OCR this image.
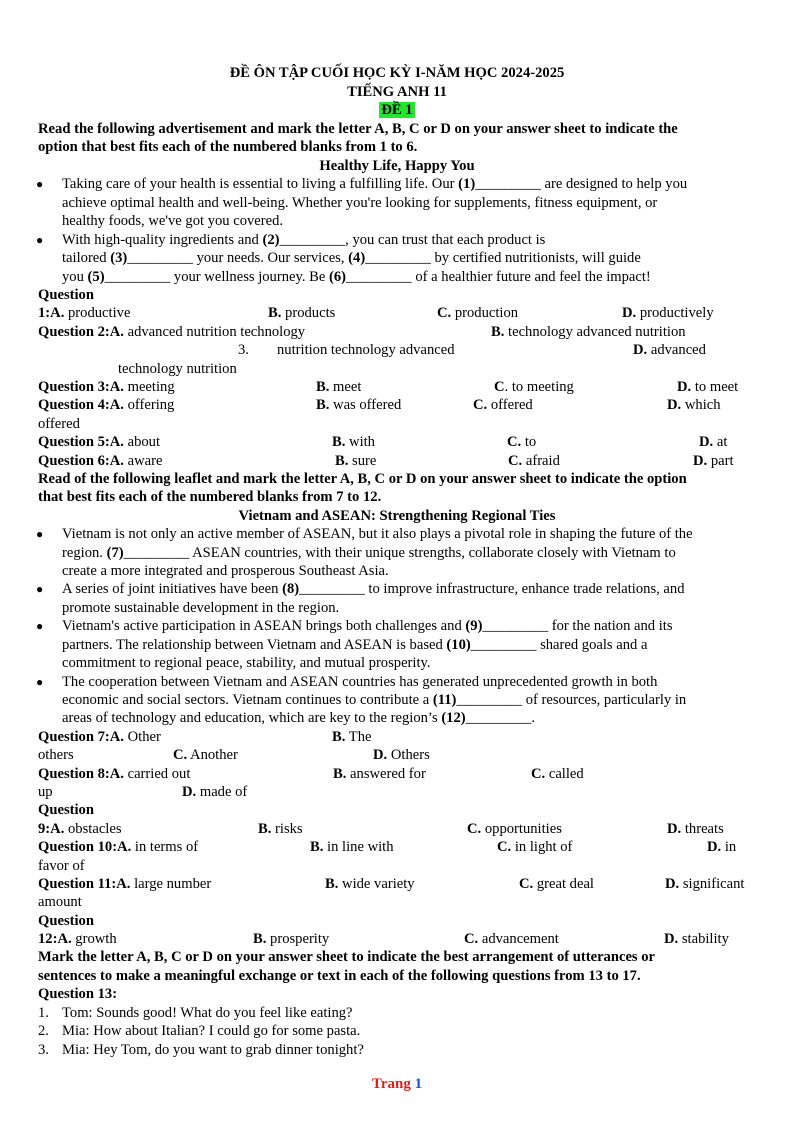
ĐỀ ÔN TẬP CUỐI HỌC KỲ I-NĂM HỌC 2024-2025
TIẾNG ANH 11
ĐỀ 1
Read the following advertisement and mark the letter A, B, C or D on your answer sheet to indicate the
option that best fits each of the numbered blanks from 1 to 6.
Healthy Life, Happy You
● Taking care of your health is essential to living a fulfilling life. Our (1)_________ are designed to help you
achieve optimal health and well-being. Whether you're looking for supplements, fitness equipment, or
healthy foods, we've got you covered.
● With high-quality ingredients and (2)_________, you can trust that each product is
tailored (3)_________ your needs. Our services, (4)_________ by certified nutritionists, will guide
you (5)_________ your wellness journey. Be (6)_________ of a healthier future and feel the impact!
Question
1:A. productive	B. products	C. production	D. productively
Question 2:A. advanced nutrition technology	B. technology advanced nutrition
3. nutrition technology advanced	D. advanced
technology nutrition
Question 3:A. meeting	B. meet	C. to meeting	D. to meet
Question 4:A. offering	B. was offered	C. offered	D. which
offered
Question 5:A. about	B. with	C. to	D. at
Question 6:A. aware	B. sure	C. afraid	D. part
Read of the following leaflet and mark the letter A, B, C or D on your answer sheet to indicate the option
that best fits each of the numbered blanks from 7 to 12.
Vietnam and ASEAN: Strengthening Regional Ties
● Vietnam is not only an active member of ASEAN, but it also plays a pivotal role in shaping the future of the
region. (7)_________ ASEAN countries, with their unique strengths, collaborate closely with Vietnam to
create a more integrated and prosperous Southeast Asia.
● A series of joint initiatives have been (8)_________ to improve infrastructure, enhance trade relations, and
promote sustainable development in the region.
● Vietnam's active participation in ASEAN brings both challenges and (9)_________ for the nation and its
partners. The relationship between Vietnam and ASEAN is based (10)_________ shared goals and a
commitment to regional peace, stability, and mutual prosperity.
● The cooperation between Vietnam and ASEAN countries has generated unprecedented growth in both
economic and social sectors. Vietnam continues to contribute a (11)_________ of resources, particularly in
areas of technology and education, which are key to the region’s (12)_________.
Question 7:A. Other	B. The
others	C. Another	D. Others
Question 8:A. carried out	B. answered for	C. called
up	D. made of
Question
9:A. obstacles	B. risks	C. opportunities	D. threats
Question 10:A. in terms of	B. in line with	C. in light of	D. in
favor of
Question 11:A. large number	B. wide variety	C. great deal	D. significant
amount
Question
12:A. growth	B. prosperity	C. advancement	D. stability
Mark the letter A, B, C or D on your answer sheet to indicate the best arrangement of utterances or
sentences to make a meaningful exchange or text in each of the following questions from 13 to 17.
Question 13:
1. Tom: Sounds good! What do you feel like eating?
2. Mia: How about Italian? I could go for some pasta.
3. Mia: Hey Tom, do you want to grab dinner tonight?
Trang 1
